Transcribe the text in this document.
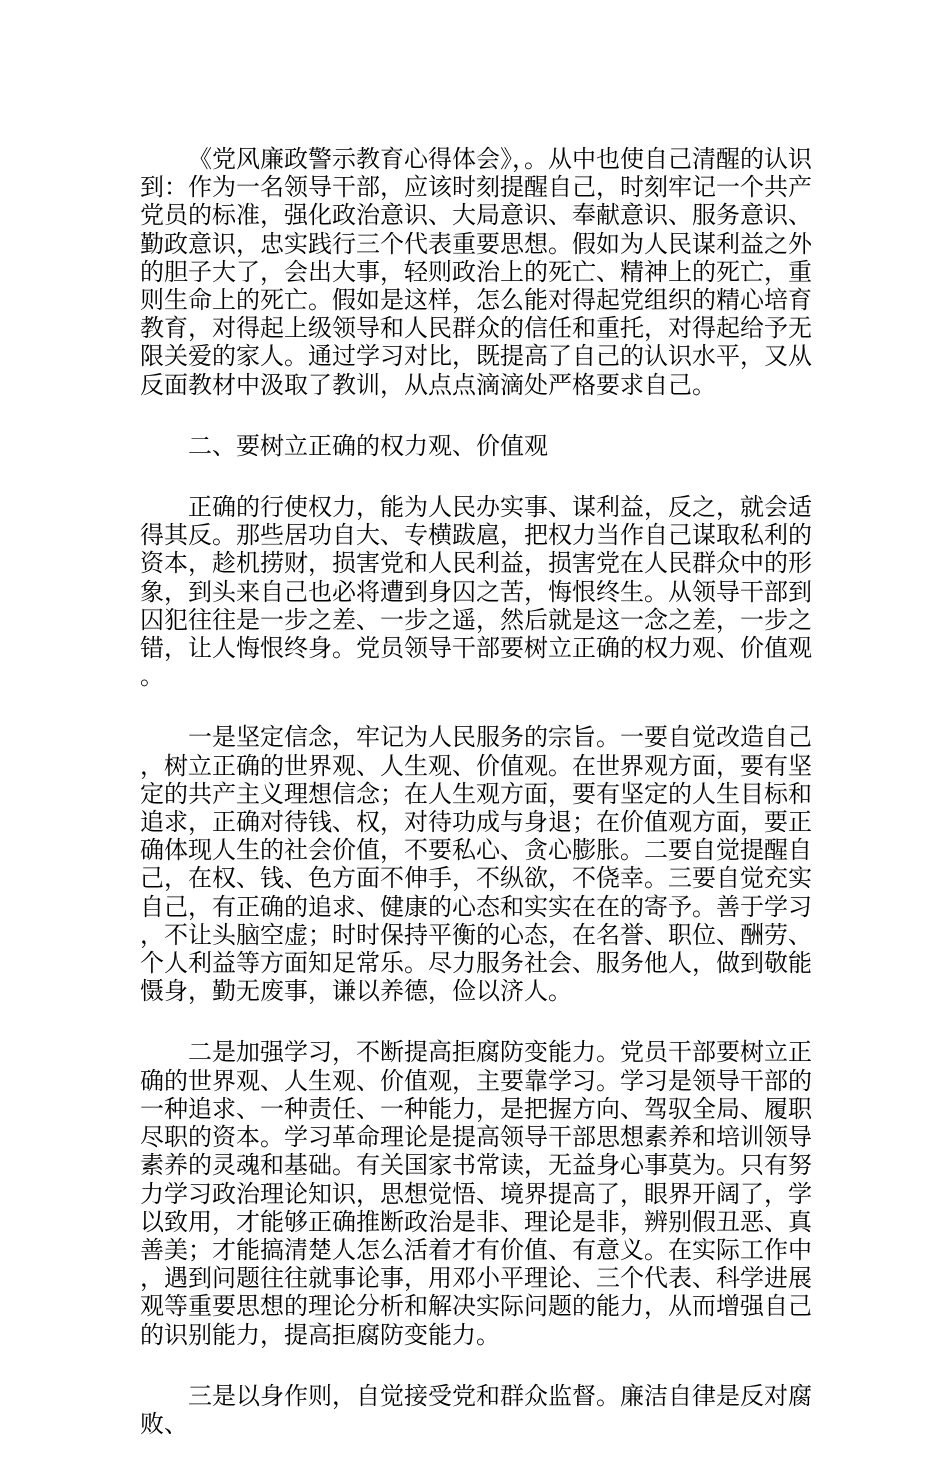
《党风廉政警示教育心得体会》，。从中也使自己清醒的认识到：作为一名领导干部，应该时刻提醒自己，时刻牢记一个共产党员的标准，强化政治意识、大局意识、奉献意识、服务意识、勤政意识，忠实践行三个代表重要思想。假如为人民谋利益之外的胆子大了，会出大事，轻则政治上的死亡、精神上的死亡，重则生命上的死亡。假如是这样，怎么能对得起党组织的精心培育教育，对得起上级领导和人民群众的信任和重托，对得起给予无限关爱的家人。通过学习对比，既提高了自己的认识水平，又从反面教材中汲取了教训，从点点滴滴处严格要求自己。

二、要树立正确的权力观、价值观

正确的行使权力，能为人民办实事、谋利益，反之，就会适得其反。那些居功自大、专横跋扈，把权力当作自己谋取私利的资本，趁机捞财，损害党和人民利益，损害党在人民群众中的形象，到头来自己也必将遭到身囚之苦，悔恨终生。从领导干部到囚犯往往是一步之差、一步之遥，然后就是这一念之差，一步之错，让人悔恨终身。党员领导干部要树立正确的权力观、价值观。

一是坚定信念，牢记为人民服务的宗旨。一要自觉改造自己，树立正确的世界观、人生观、价值观。在世界观方面，要有坚定的共产主义理想信念；在人生观方面，要有坚定的人生目标和追求，正确对待钱、权，对待功成与身退；在价值观方面，要正确体现人生的社会价值，不要私心、贪心膨胀。二要自觉提醒自己，在权、钱、色方面不伸手，不纵欲，不侥幸。三要自觉充实自己，有正确的追求、健康的心态和实实在在的寄予。善于学习，不让头脑空虚；时时保持平衡的心态，在名誉、职位、酬劳、个人利益等方面知足常乐。尽力服务社会、服务他人，做到敬能慑身，勤无废事，谦以养德，俭以济人。

二是加强学习，不断提高拒腐防变能力。党员干部要树立正确的世界观、人生观、价值观，主要靠学习。学习是领导干部的一种追求、一种责任、一种能力，是把握方向、驾驭全局、履职尽职的资本。学习革命理论是提高领导干部思想素养和培训领导素养的灵魂和基础。有关国家书常读，无益身心事莫为。只有努力学习政治理论知识，思想觉悟、境界提高了，眼界开阔了，学以致用，才能够正确推断政治是非、理论是非，辨别假丑恶、真善美；才能搞清楚人怎么活着才有价值、有意义。在实际工作中，遇到问题往往就事论事，用邓小平理论、三个代表、科学进展观等重要思想的理论分析和解决实际问题的能力，从而增强自己的识别能力，提高拒腐防变能力。

三是以身作则，自觉接受党和群众监督。廉洁自律是反对腐败、
